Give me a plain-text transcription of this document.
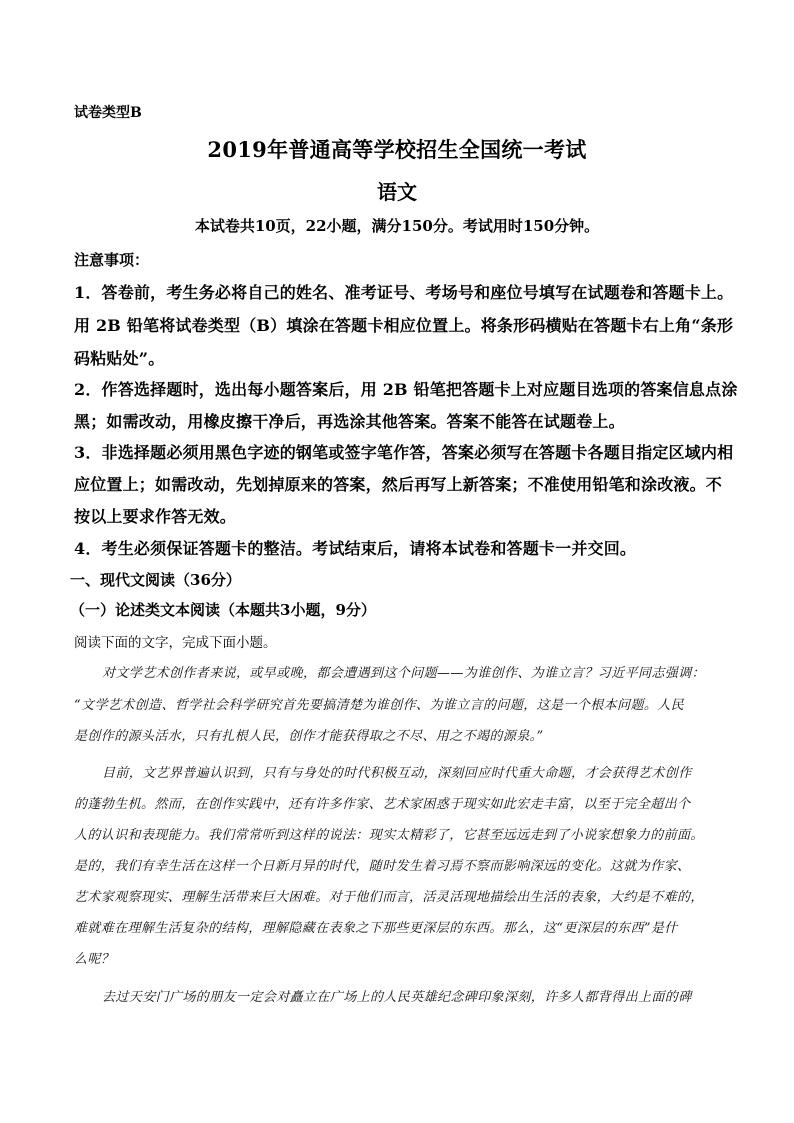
试卷类型B
2019年普通高等学校招生全国统一考试
语文
本试卷共10页，22小题，满分150分。考试用时150分钟。
注意事项：
1．答卷前，考生务必将自己的姓名、准考证号、考场号和座位号填写在试题卷和答题卡上。
用 2B 铅笔将试卷类型（B）填涂在答题卡相应位置上。将条形码横贴在答题卡右上角“条形
码粘贴处”。
2．作答选择题时，选出每小题答案后，用 2B 铅笔把答题卡上对应题目选项的答案信息点涂
黑；如需改动，用橡皮擦干净后，再选涂其他答案。答案不能答在试题卷上。
3．非选择题必须用黑色字迹的钢笔或签字笔作答，答案必须写在答题卡各题目指定区域内相
应位置上；如需改动，先划掉原来的答案，然后再写上新答案；不准使用铅笔和涂改液。不
按以上要求作答无效。
4．考生必须保证答题卡的整洁。考试结束后，请将本试卷和答题卡一并交回。
一、现代文阅读（36分）
（一）论述类文本阅读（本题共3小题，9分）
阅读下面的文字，完成下面小题。
对文学艺术创作者来说，或早或晚，都会遭遇到这个问题——为谁创作、为谁立言？习近平同志强调：
“文学艺术创造、哲学社会科学研究首先要搞清楚为谁创作、为谁立言的问题，这是一个根本问题。人民
是创作的源头活水，只有扎根人民，创作才能获得取之不尽、用之不竭的源泉。”
目前，文艺界普遍认识到，只有与身处的时代积极互动，深刻回应时代重大命题，才会获得艺术创作
的蓬勃生机。然而，在创作实践中，还有许多作家、艺术家困惑于现实如此宏走丰富，以至于完全超出个
人的认识和表现能力。我们常常听到这样的说法：现实太精彩了，它甚至远远走到了小说家想象力的前面。
是的，我们有幸生活在这样一个日新月异的时代，随时发生着习焉不察而影响深远的变化。这就为作家、
艺术家观察现实、理解生活带来巨大困难。对于他们而言，活灵活现地描绘出生活的表象，大约是不难的，
难就难在理解生活复杂的结构，理解隐藏在表象之下那些更深层的东西。那么，这“更深层的东西”是什
么呢？
去过天安门广场的朋友一定会对矗立在广场上的人民英雄纪念碑印象深刻，许多人都背得出上面的碑
